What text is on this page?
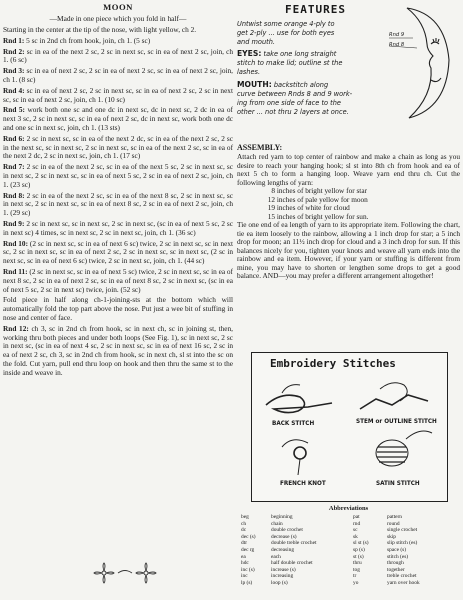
MOON

—Made in one piece which you fold in half—

Starting in the center at the tip of the nose, with light yellow, ch 2.

Rnd 1: 5 sc in 2nd ch from hook, join, ch 1. (5 sc)

Rnd 2: sc in ea of the next 2 sc, 2 sc in next sc, sc in ea of next 2 sc, join, ch 1. (6 sc)

Rnd 3: sc in ea of next 2 sc, 2 sc in ea of next 2 sc, sc in ea of next 2 sc, join, ch 1. (8 sc)

Rnd 4: sc in ea of next 2 sc, 2 sc in next sc, sc in ea of next 2 sc, 2 sc in next sc, sc in ea of next 2 sc, join, ch 1. (10 sc)

Rnd 5: work both one sc and one dc in next sc, dc in next sc, 2 dc in ea of next 3 sc, 2 sc in next sc, sc in ea of next 2 sc, dc in next sc, work both one dc and one sc in next sc, join, ch 1. (13 sts)

Rnd 6: 2 sc in next sc, sc in ea of the next 2 dc, sc in ea of the next 2 sc, 2 sc in the next sc, sc in next sc, 2 sc in next sc, sc in ea of the next 2 sc, sc in ea of the next 2 dc, 2 sc in next sc, join, ch 1. (17 sc)

Rnd 7: 2 sc in ea of the next 2 sc, sc in ea of the next 5 sc, 2 sc in next sc, sc in next sc, 2 sc in next sc, sc in ea of next 5 sc, 2 sc in ea of next 2 sc, join, ch 1. (23 sc)

Rnd 8: 2 sc in ea of the next 2 sc, sc in ea of the next 8 sc, 2 sc in next sc, sc in next sc, 2 sc in next sc, sc in ea of next 8 sc, 2 sc in ea of next 2 sc, join, ch 1. (29 sc)

Rnd 9: 2 sc in next sc, sc in next sc, 2 sc in next sc, (sc in ea of next 5 sc, 2 sc in next sc) 4 times, sc in next sc, 2 sc in next sc, join, ch 1. (36 sc)

Rnd 10: (2 sc in next sc, sc in ea of next 6 sc) twice, 2 sc in next sc, sc in next sc, 2 sc in next sc, sc in ea of next 2 sc, 2 sc in next sc, sc in next sc, (2 sc in next sc, sc in ea of next 6 sc) twice, 2 sc in next sc, join, ch 1. (44 sc)

Rnd 11: (2 sc in next sc, sc in ea of next 5 sc) twice, 2 sc in next sc, sc in ea of next 8 sc, 2 sc in ea of next 2 sc, sc in ea of next 8 sc, 2 sc in next sc, (sc in ea of next 5 sc, 2 sc in next sc) twice, join. (52 sc)

Fold piece in half along ch-1-joining-sts at the bottom which will automatically fold the top part above the nose. Put just a wee bit of stuffing in nose and center of face.

Rnd 12: ch 3, sc in 2nd ch from hook, sc in next ch, sc in joining st, then, working thru both pieces and under both loops (See Fig. 1), sc in next sc, 2 sc in next sc, (sc in ea of next 4 sc, 2 sc in next sc, sc in ea of next 16 sc, 2 sc in ea of next 2 sc, ch 3, sc in 2nd ch from hook, sc in next ch, sl st into the sc on the fold. Cut yarn, pull end thru loop on hook and then thru the same st to the inside and weave in.

FEATURES
Untwist some orange 4-ply to
get 2-ply ... use for both eyes
and mouth.
EYES: take one long straight
stitch to make lid; outline st the
lashes.
MOUTH: backstitch along
curve between Rnds 8 and 9 work-
ing from one side of face to the
other ... not thru 2 layers at once.
Rnd 9
Rnd 8

ASSEMBLY:

Attach red yarn to top center of rainbow and make a chain as long as you desire to reach your hanging hook; sl st into 8th ch from hook and ea of next 5 ch to form a hanging loop. Weave yarn end thru ch. Cut the following lengths of yarn:

8 inches of bright yellow for star
12 inches of pale yellow for moon
19 inches of white for cloud
15 inches of bright yellow for sun.

Tie one end of ea length of yarn to its appropriate item. Following the chart, tie ea item loosely to the rainbow, allowing a 1 inch drop for star; a 5 inch drop for moon; an 11½ inch drop for cloud and a 3 inch drop for sun. If this balances nicely for you, tighten your knots and weave all yarn ends into the rainbow and ea item. However, if your yarn or stuffing is different from mine, you may have to shorten or lengthen some drops to get a good balance. AND—you may prefer a different arrangement altogether!

Embroidery Stitches
BACK STITCH	STEM or OUTLINE STITCH
FRENCH KNOT	SATIN STITCH

Abbreviations

beg	beginning
ch	chain
dc	double crochet
dec (s)	decrease (s)
dtr	double treble crochet
dec rg	decreasing
ea	each
hdc	half double crochet
inc (s)	increase (s)
inc	increasing
lp (s)	loop (s)
pat	pattern
rnd	round
sc	single crochet
sk	skip
sl st (s)	slip stitch (es)
sp (s)	space (s)
st (s)	stitch (es)
thru	through
tog	together
tr	treble crochet
yo	yarn over hook
